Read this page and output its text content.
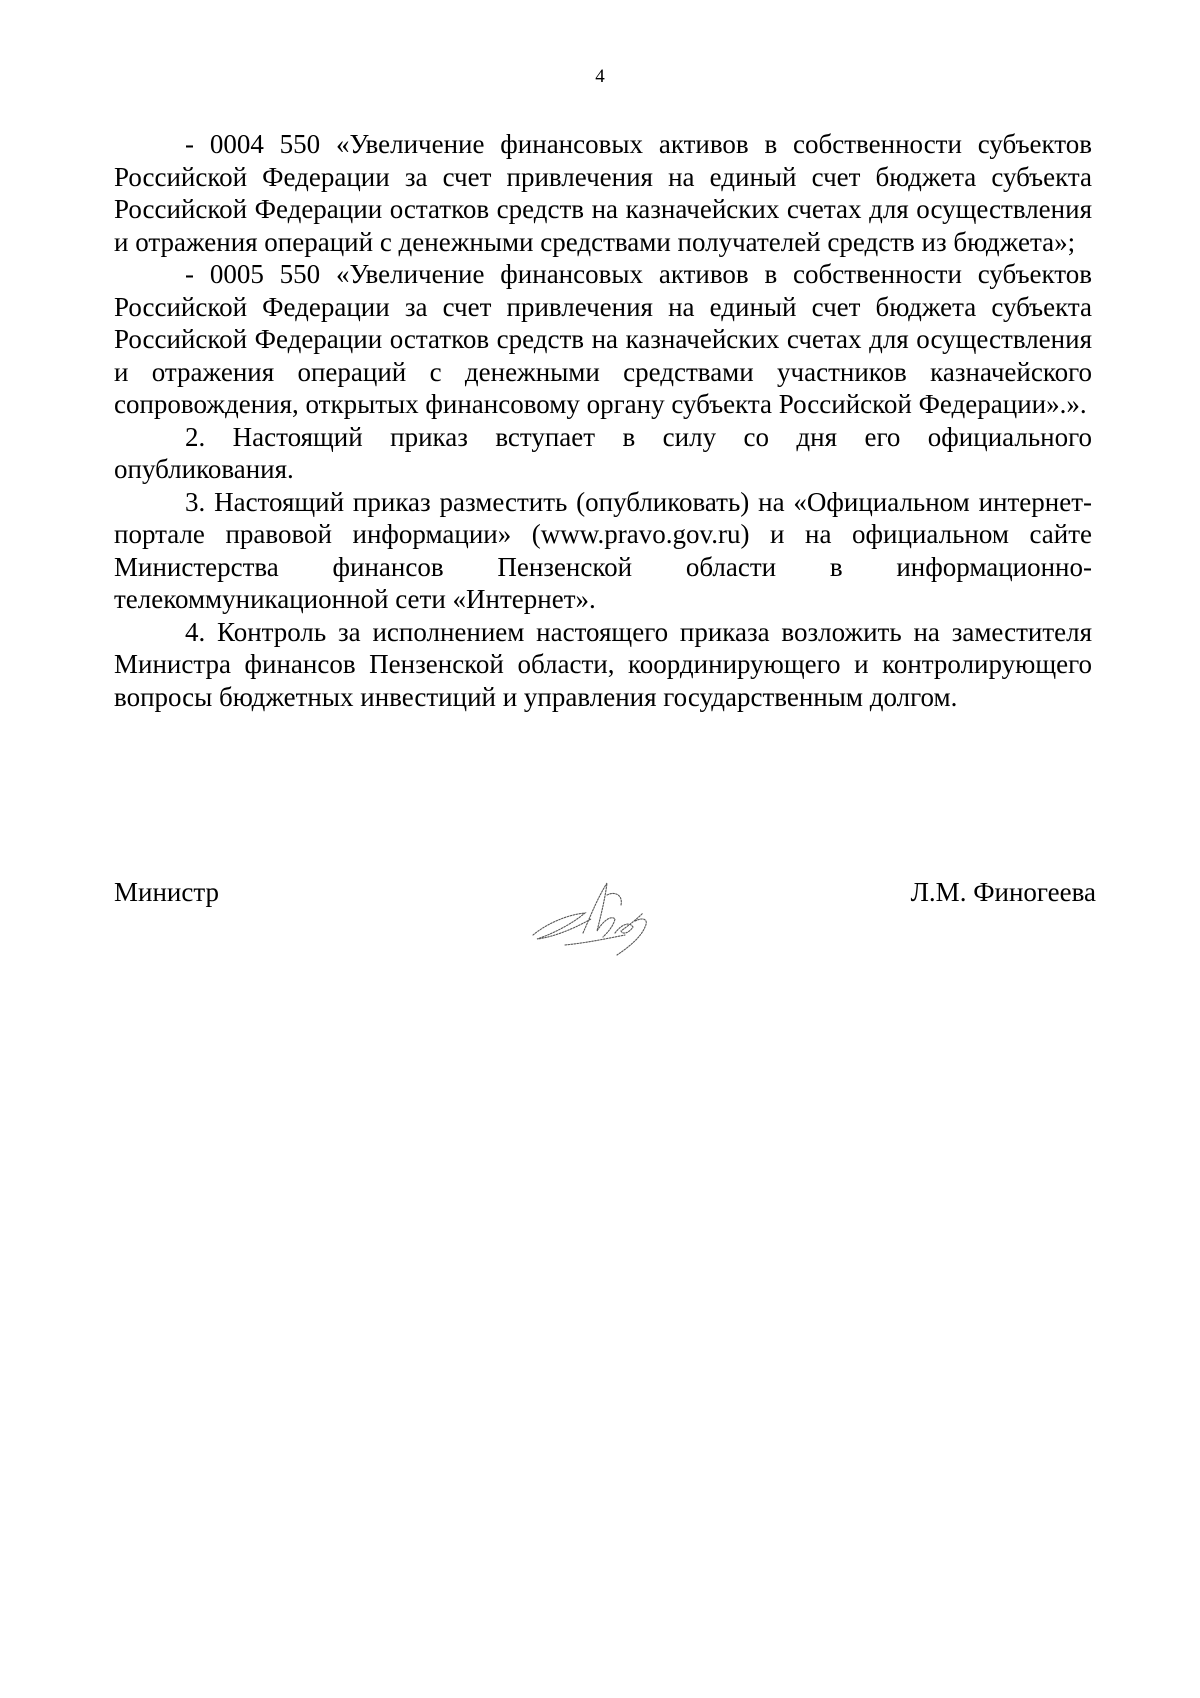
4

- 0004 550 «Увеличение финансовых активов в собственности субъектов Российской Федерации за счет привлечения на единый счет бюджета субъекта Российской Федерации остатков средств на казначейских счетах для осуществления и отражения операций с денежными средствами получателей средств из бюджета»;

- 0005 550 «Увеличение финансовых активов в собственности субъектов Российской Федерации за счет привлечения на единый счет бюджета субъекта Российской Федерации остатков средств на казначейских счетах для осуществления и отражения операций с денежными средствами участников казначейского сопровождения, открытых финансовому органу субъекта Российской Федерации».».

2. Настоящий приказ вступает в силу со дня его официального опубликования.

3. Настоящий приказ разместить (опубликовать) на «Официальном интернет-портале правовой информации» (www.pravo.gov.ru) и на официальном сайте Министерства финансов Пензенской области в информационно-телекоммуникационной сети «Интернет».

4. Контроль за исполнением настоящего приказа возложить на заместителя Министра финансов Пензенской области, координирующего и контролирующего вопросы бюджетных инвестиций и управления государственным долгом.

Министр	Л.М. Финогеева
